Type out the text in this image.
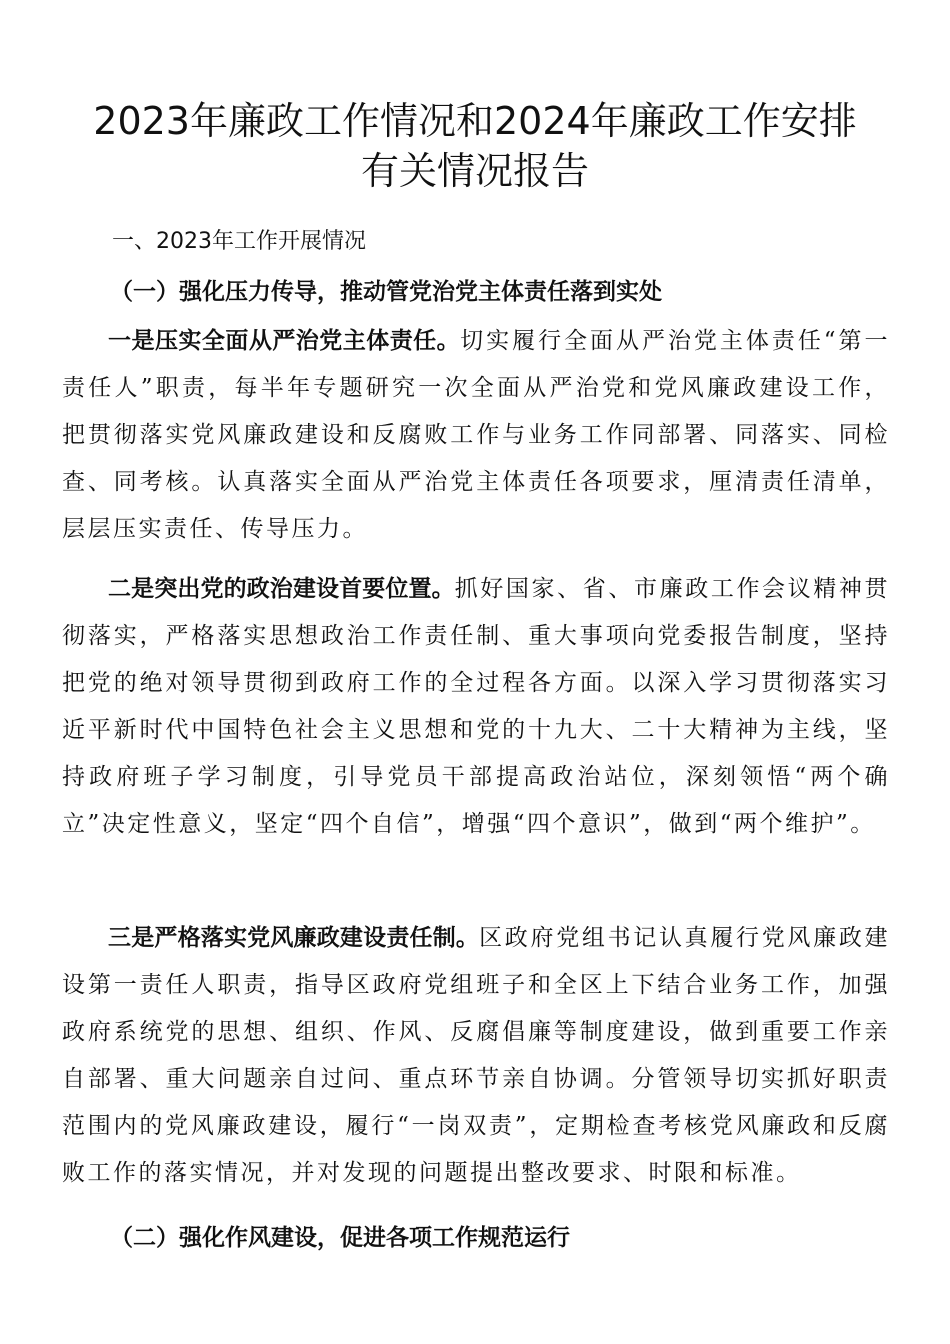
2023年廉政工作情况和2024年廉政工作安排
有关情况报告
一、2023年工作开展情况
（一）强化压力传导，推动管党治党主体责任落到实处

一是压实全面从严治党主体责任。切实履行全面从严治党主体责任“第一责任人”职责，每半年专题研究一次全面从严治党和党风廉政建设工作，把贯彻落实党风廉政建设和反腐败工作与业务工作同部署、同落实、同检查、同考核。认真落实全面从严治党主体责任各项要求，厘清责任清单，层层压实责任、传导压力。

二是突出党的政治建设首要位置。抓好国家、省、市廉政工作会议精神贯彻落实，严格落实思想政治工作责任制、重大事项向党委报告制度，坚持把党的绝对领导贯彻到政府工作的全过程各方面。以深入学习贯彻落实习近平新时代中国特色社会主义思想和党的十九大、二十大精神为主线，坚持政府班子学习制度，引导党员干部提高政治站位，深刻领悟“两个确立”决定性意义，坚定“四个自信”，增强“四个意识”，做到“两个维护”。

三是严格落实党风廉政建设责任制。区政府党组书记认真履行党风廉政建设第一责任人职责，指导区政府党组班子和全区上下结合业务工作，加强政府系统党的思想、组织、作风、反腐倡廉等制度建设，做到重要工作亲自部署、重大问题亲自过问、重点环节亲自协调。分管领导切实抓好职责范围内的党风廉政建设，履行“一岗双责”，定期检查考核党风廉政和反腐败工作的落实情况，并对发现的问题提出整改要求、时限和标准。

（二）强化作风建设，促进各项工作规范运行
